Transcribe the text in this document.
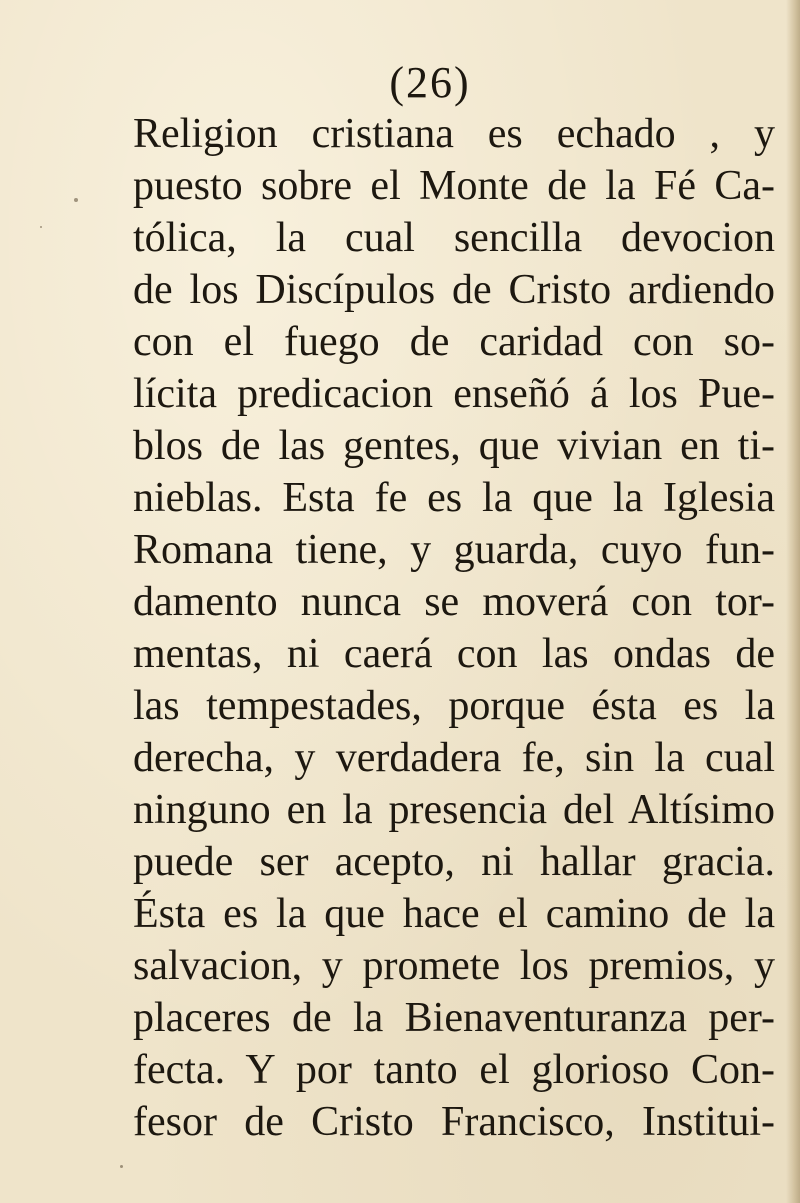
(26)
Religion cristiana es echado , y
puesto sobre el Monte de la Fé Ca-
tólica, la cual sencilla devocion
de los Discípulos de Cristo ardiendo
con el fuego de caridad con so-
lícita predicacion enseñó á los Pue-
blos de las gentes, que vivian en ti-
nieblas. Esta fe es la que la Iglesia
Romana tiene, y guarda, cuyo fun-
damento nunca se moverá con tor-
mentas, ni caerá con las ondas de
las tempestades, porque ésta es la
derecha, y verdadera fe, sin la cual
ninguno en la presencia del Altísimo
puede ser acepto, ni hallar gracia.
Ésta es la que hace el camino de la
salvacion, y promete los premios, y
placeres de la Bienaventuranza per-
fecta. Y por tanto el glorioso Con-
fesor de Cristo Francisco, Institui-
